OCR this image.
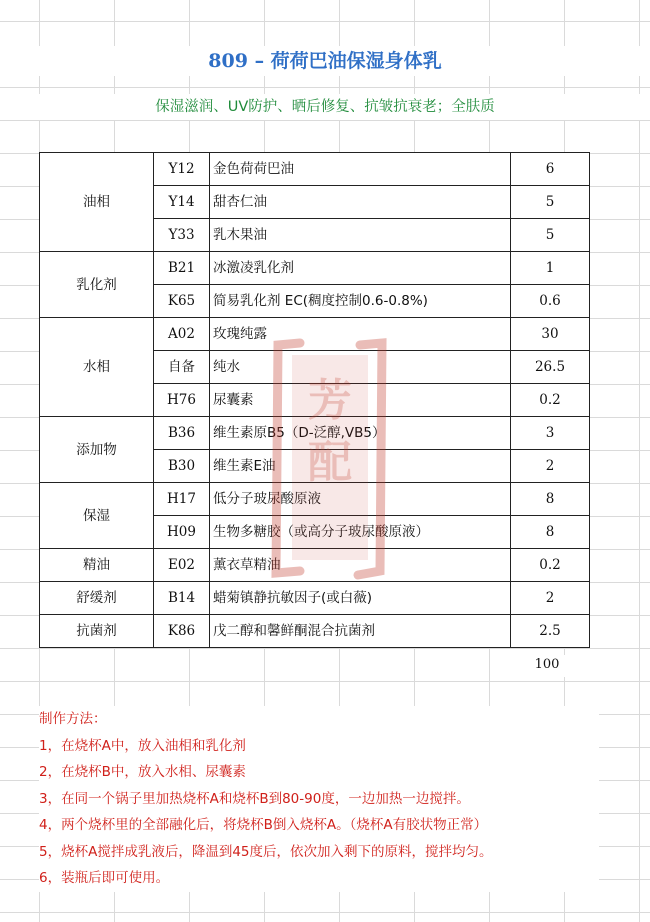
809 – 荷荷巴油保湿身体乳
保湿滋润、UV防护、晒后修复、抗皱抗衰老；全肤质
油相	Y12	金色荷荷巴油	6
	Y14	甜杏仁油	5
	Y33	乳木果油	5
乳化剂	B21	冰激凌乳化剂	1
	K65	简易乳化剂 EC(稠度控制0.6-0.8%)	0.6
水相	A02	玫瑰纯露	30
	自备	纯水	26.5
	H76	尿囊素	0.2
添加物	B36	维生素原B5（D-泛醇,VB5）	3
	B30	维生素E油	2
保湿	H17	低分子玻尿酸原液	8
	H09	生物多糖胶（或高分子玻尿酸原液）	8
精油	E02	薰衣草精油	0.2
舒缓剂	B14	蜡菊镇静抗敏因子(或白薇)	2
抗菌剂	K86	戊二醇和馨鲜酮混合抗菌剂	2.5
100
制作方法：
1，在烧杯A中，放入油相和乳化剂
2，在烧杯B中，放入水相、尿囊素
3，在同一个锅子里加热烧杯A和烧杯B到80-90度，一边加热一边搅拌。
4，两个烧杯里的全部融化后，将烧杯B倒入烧杯A。（烧杯A有胶状物正常）
5，烧杯A搅拌成乳液后，降温到45度后，依次加入剩下的原料，搅拌均匀。
6，装瓶后即可使用。
芳配
